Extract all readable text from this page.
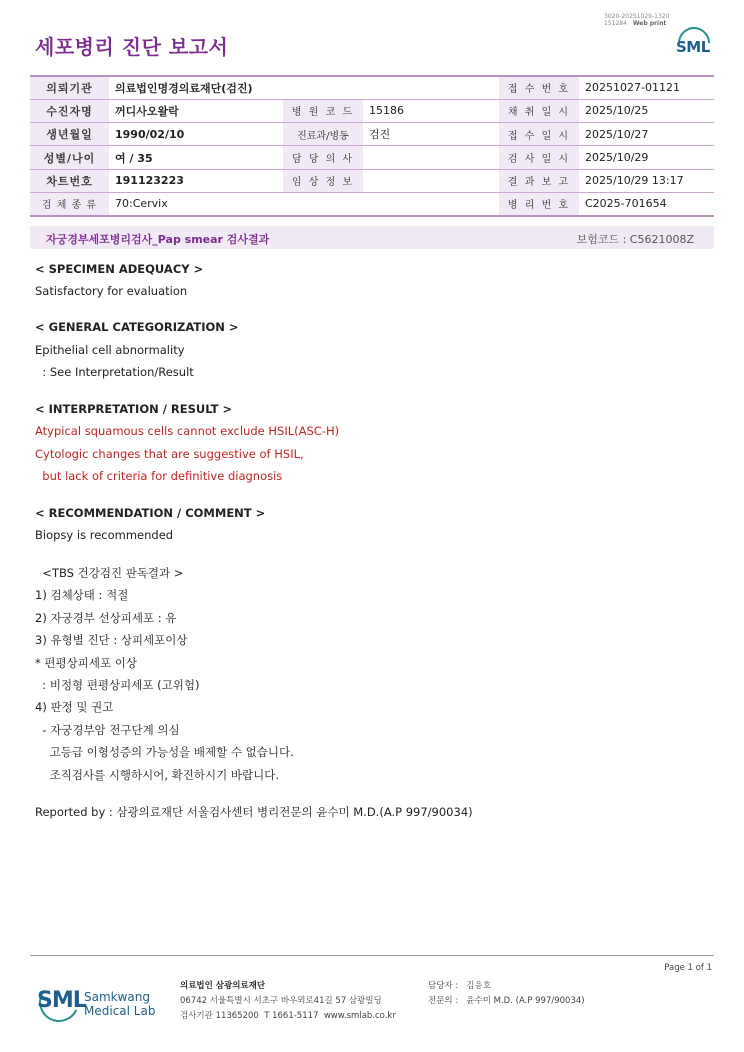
3020-20251029-1320
151284 Web print
세포병리 진단 보고서	SML
의뢰기관	의료법인명경의료재단(검진)			접 수 번 호	20251027-01121
수진자명	꺼디사오왈락	병 원 코 드	15186	채 취 일 시	2025/10/25
생년월일	1990/02/10	진료과/병동	검진	접 수 일 시	2025/10/27
성별/나이	여 / 35	담 당 의 사		검 사 일 시	2025/10/29
차트번호	191123223	임 상 정 보		결 과 보 고	2025/10/29 13:17
검 체 종 류	70:Cervix			병 리 번 호	C2025-701654
자궁경부세포병리검사_Pap smear 검사결과	보험코드 : C5621008Z
< SPECIMEN ADEQUACY >
Satisfactory for evaluation
< GENERAL CATEGORIZATION >
Epithelial cell abnormality
: See Interpretation/Result
< INTERPRETATION / RESULT >
Atypical squamous cells cannot exclude HSIL(ASC-H)
Cytologic changes that are suggestive of HSIL,
but lack of criteria for definitive diagnosis
< RECOMMENDATION / COMMENT >
Biopsy is recommended
<TBS 건강검진 판독결과 >
1) 검체상태 : 적절
2) 자궁경부 선상피세포 : 유
3) 유형별 진단 : 상피세포이상
* 편평상피세포 이상
: 비정형 편평상피세포 (고위험)
4) 판정 및 권고
- 자궁경부암 전구단계 의심
고등급 이형성증의 가능성을 배제할 수 없습니다.
조직검사를 시행하시어, 확진하시기 바랍니다.
Reported by : 삼광의료재단 서울검사센터 병리전문의 윤수미 M.D.(A.P 997/90034)
Page 1 of 1
SML
Samkwang
Medical Lab
의료법인 삼광의료재단
06742 서울특별시 서초구 바우뫼로41길 57 삼광빌딩
검사기관 11365200  T 1661-5117  www.smlab.co.kr
담당자 :   김응호
전문의 :   윤수미 M.D. (A.P 997/90034)
